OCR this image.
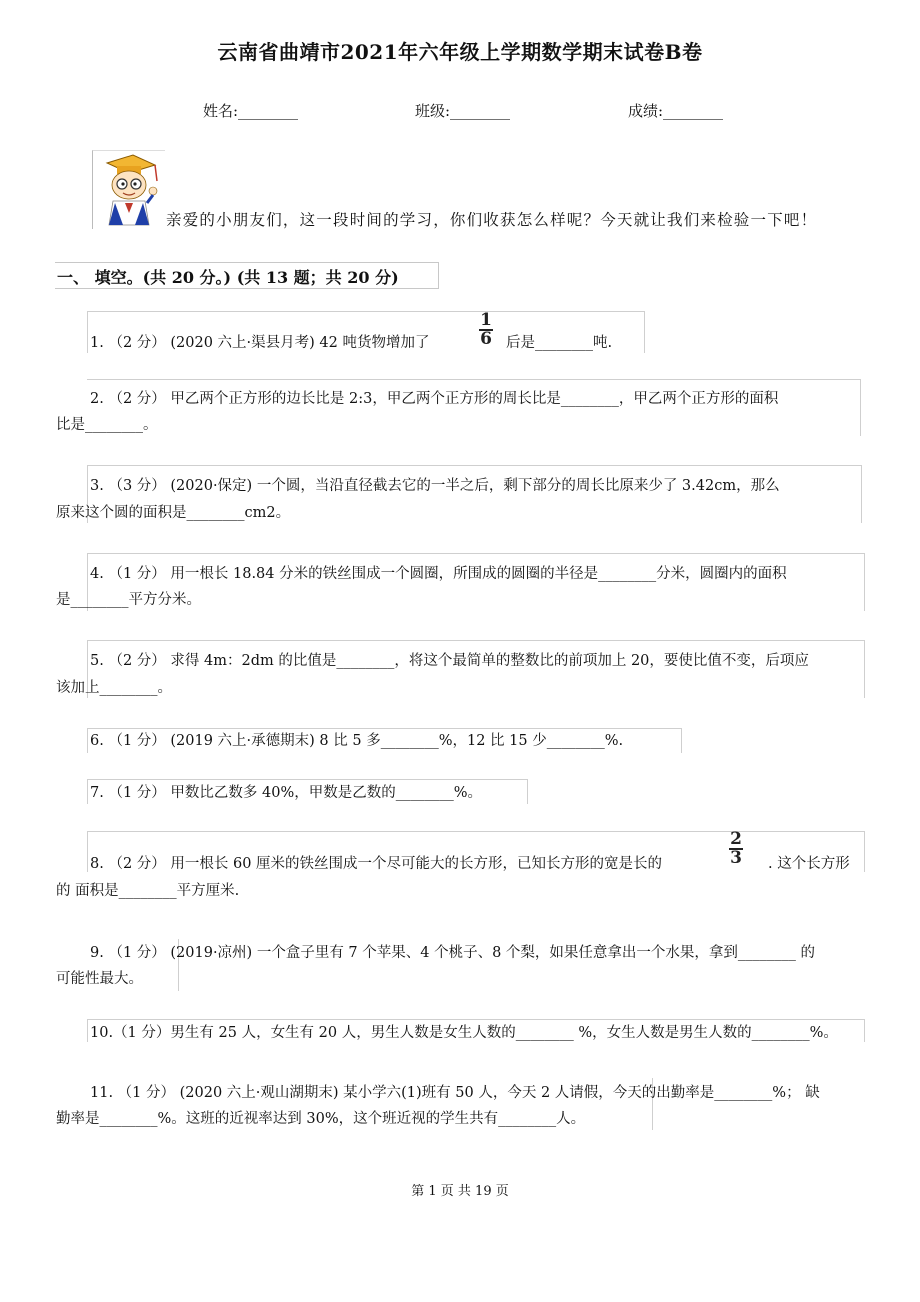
云南省曲靖市2021年六年级上学期数学期末试卷B卷
姓名:________	班级:________	成绩:________
亲爱的小朋友们，这一段时间的学习，你们收获怎么样呢？今天就让我们来检验一下吧！
一、 填空。(共 20 分。) (共 13 题；共 20 分)
1. （2 分） (2020 六上·渠县月考) 42 吨货物增加了
1
6 后是________吨.
2. （2 分） 甲乙两个正方形的边长比是 2:3，甲乙两个正方形的周长比是________，甲乙两个正方形的面积
比是________。
3. （3 分） (2020·保定) 一个圆，当沿直径截去它的一半之后，剩下部分的周长比原来少了 3.42cm，那么
原来这个圆的面积是________cm2。
4. （1 分） 用一根长 18.84 分米的铁丝围成一个圆圈，所围成的圆圈的半径是________分米，圆圈内的面积
是________平方分米。
5. （2 分） 求得 4m：2dm 的比值是________，将这个最简单的整数比的前项加上 20，要使比值不变，后项应
该加上________。
6. （1 分） (2019 六上·承德期末) 8 比 5 多________%，12 比 15 少________%.
7. （1 分） 甲数比乙数多 40%，甲数是乙数的________%。
8. （2 分） 用一根长 60 厘米的铁丝围成一个尽可能大的长方形，已知长方形的宽是长的
2
3 . 这个长方形
的 面积是________平方厘米.
9. （1 分） (2019·凉州) 一个盒子里有 7 个苹果、4 个桃子、8 个梨，如果任意拿出一个水果，拿到________ 的
可能性最大。
10.（1 分）男生有 25 人，女生有 20 人，男生人数是女生人数的________ %，女生人数是男生人数的________%。
11. （1 分） (2020 六上·观山湖期末) 某小学六(1)班有 50 人，今天 2 人请假，今天的出勤率是________%； 缺
勤率是________%。这班的近视率达到 30%，这个班近视的学生共有________人。
第 1 页 共 19 页
